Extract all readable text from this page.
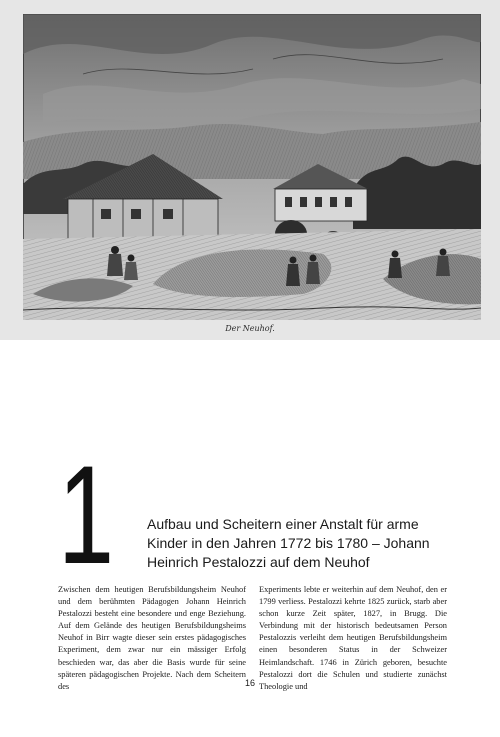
Der Neuhof.
1	Aufbau und Scheitern einer Anstalt für arme Kinder in den Jahren 1772 bis 1780 – Johann Heinrich Pestalozzi auf dem Neuhof
Zwischen dem heutigen Berufsbildungsheim Neuhof und dem berühmten Pädagogen Johann Heinrich Pestalozzi besteht eine besondere und enge Beziehung. Auf dem Gelände des heutigen Berufsbildungsheims Neuhof in Birr wagte dieser sein erstes pädagogisches Experiment, dem zwar nur ein mässiger Erfolg beschieden war, das aber die Basis wurde für seine späteren pädagogischen Projekte. Nach dem Scheitern des
Experiments lebte er weiterhin auf dem Neuhof, den er 1799 verliess. Pestalozzi kehrte 1825 zurück, starb aber schon kurze Zeit später, 1827, in Brugg. Die Verbindung mit der historisch bedeutsamen Person Pestalozzis verleiht dem heutigen Berufsbildungsheim einen besonderen Status in der Schweizer Heimlandschaft. 1746 in Zürich geboren, besuchte Pestalozzi dort die Schulen und studierte zunächst Theologie und
16
